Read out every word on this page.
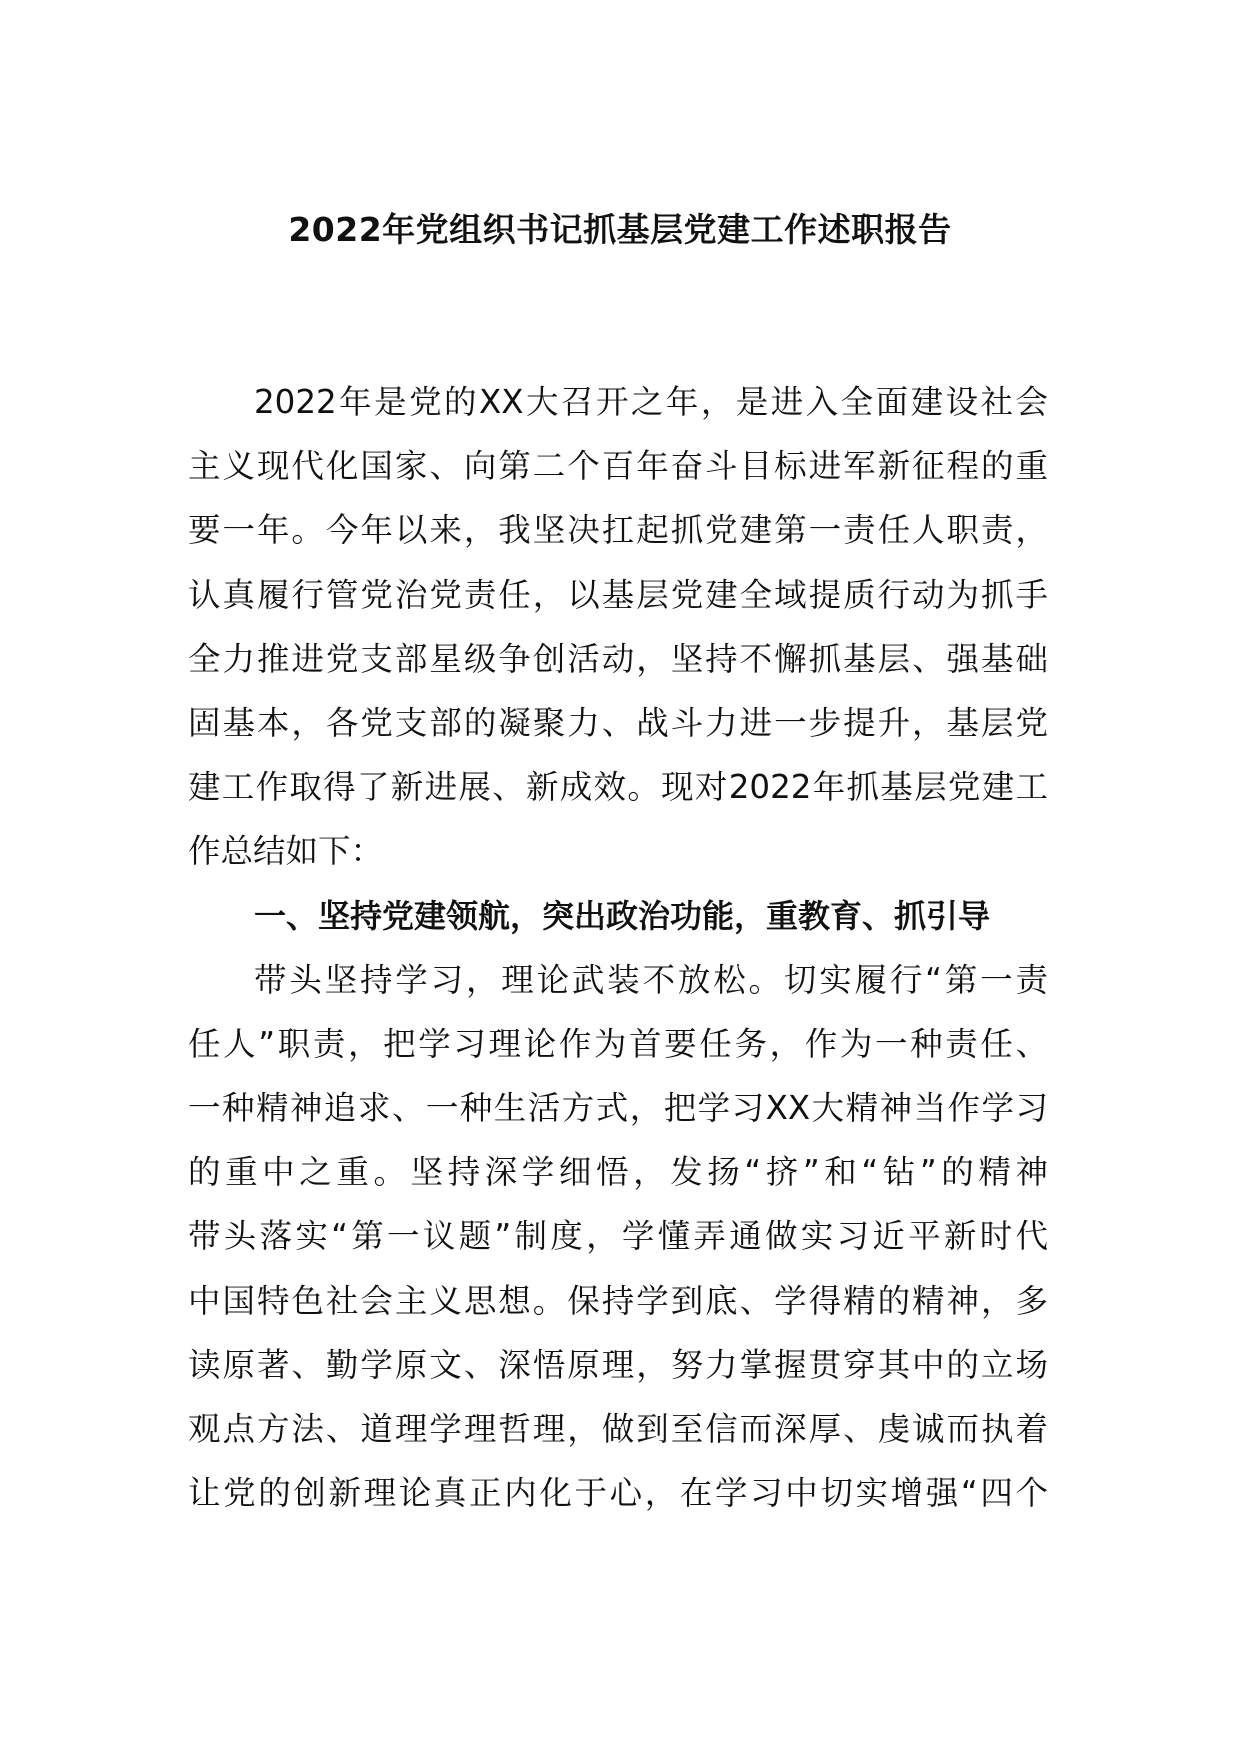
2022年党组织书记抓基层党建工作述职报告
2022年是党的XX大召开之年，是进入全面建设社会
主义现代化国家、向第二个百年奋斗目标进军新征程的重
要一年。今年以来，我坚决扛起抓党建第一责任人职责，
认真履行管党治党责任，以基层党建全域提质行动为抓手
全力推进党支部星级争创活动，坚持不懈抓基层、强基础
固基本，各党支部的凝聚力、战斗力进一步提升，基层党
建工作取得了新进展、新成效。现对2022年抓基层党建工
作总结如下：
一、坚持党建领航，突出政治功能，重教育、抓引导
带头坚持学习，理论武装不放松。切实履行“第一责
任人”职责，把学习理论作为首要任务，作为一种责任、
一种精神追求、一种生活方式，把学习XX大精神当作学习
的重中之重。坚持深学细悟，发扬“挤”和“钻”的精神
带头落实“第一议题”制度，学懂弄通做实习近平新时代
中国特色社会主义思想。保持学到底、学得精的精神，多
读原著、勤学原文、深悟原理，努力掌握贯穿其中的立场
观点方法、道理学理哲理，做到至信而深厚、虔诚而执着
让党的创新理论真正内化于心，在学习中切实增强“四个
